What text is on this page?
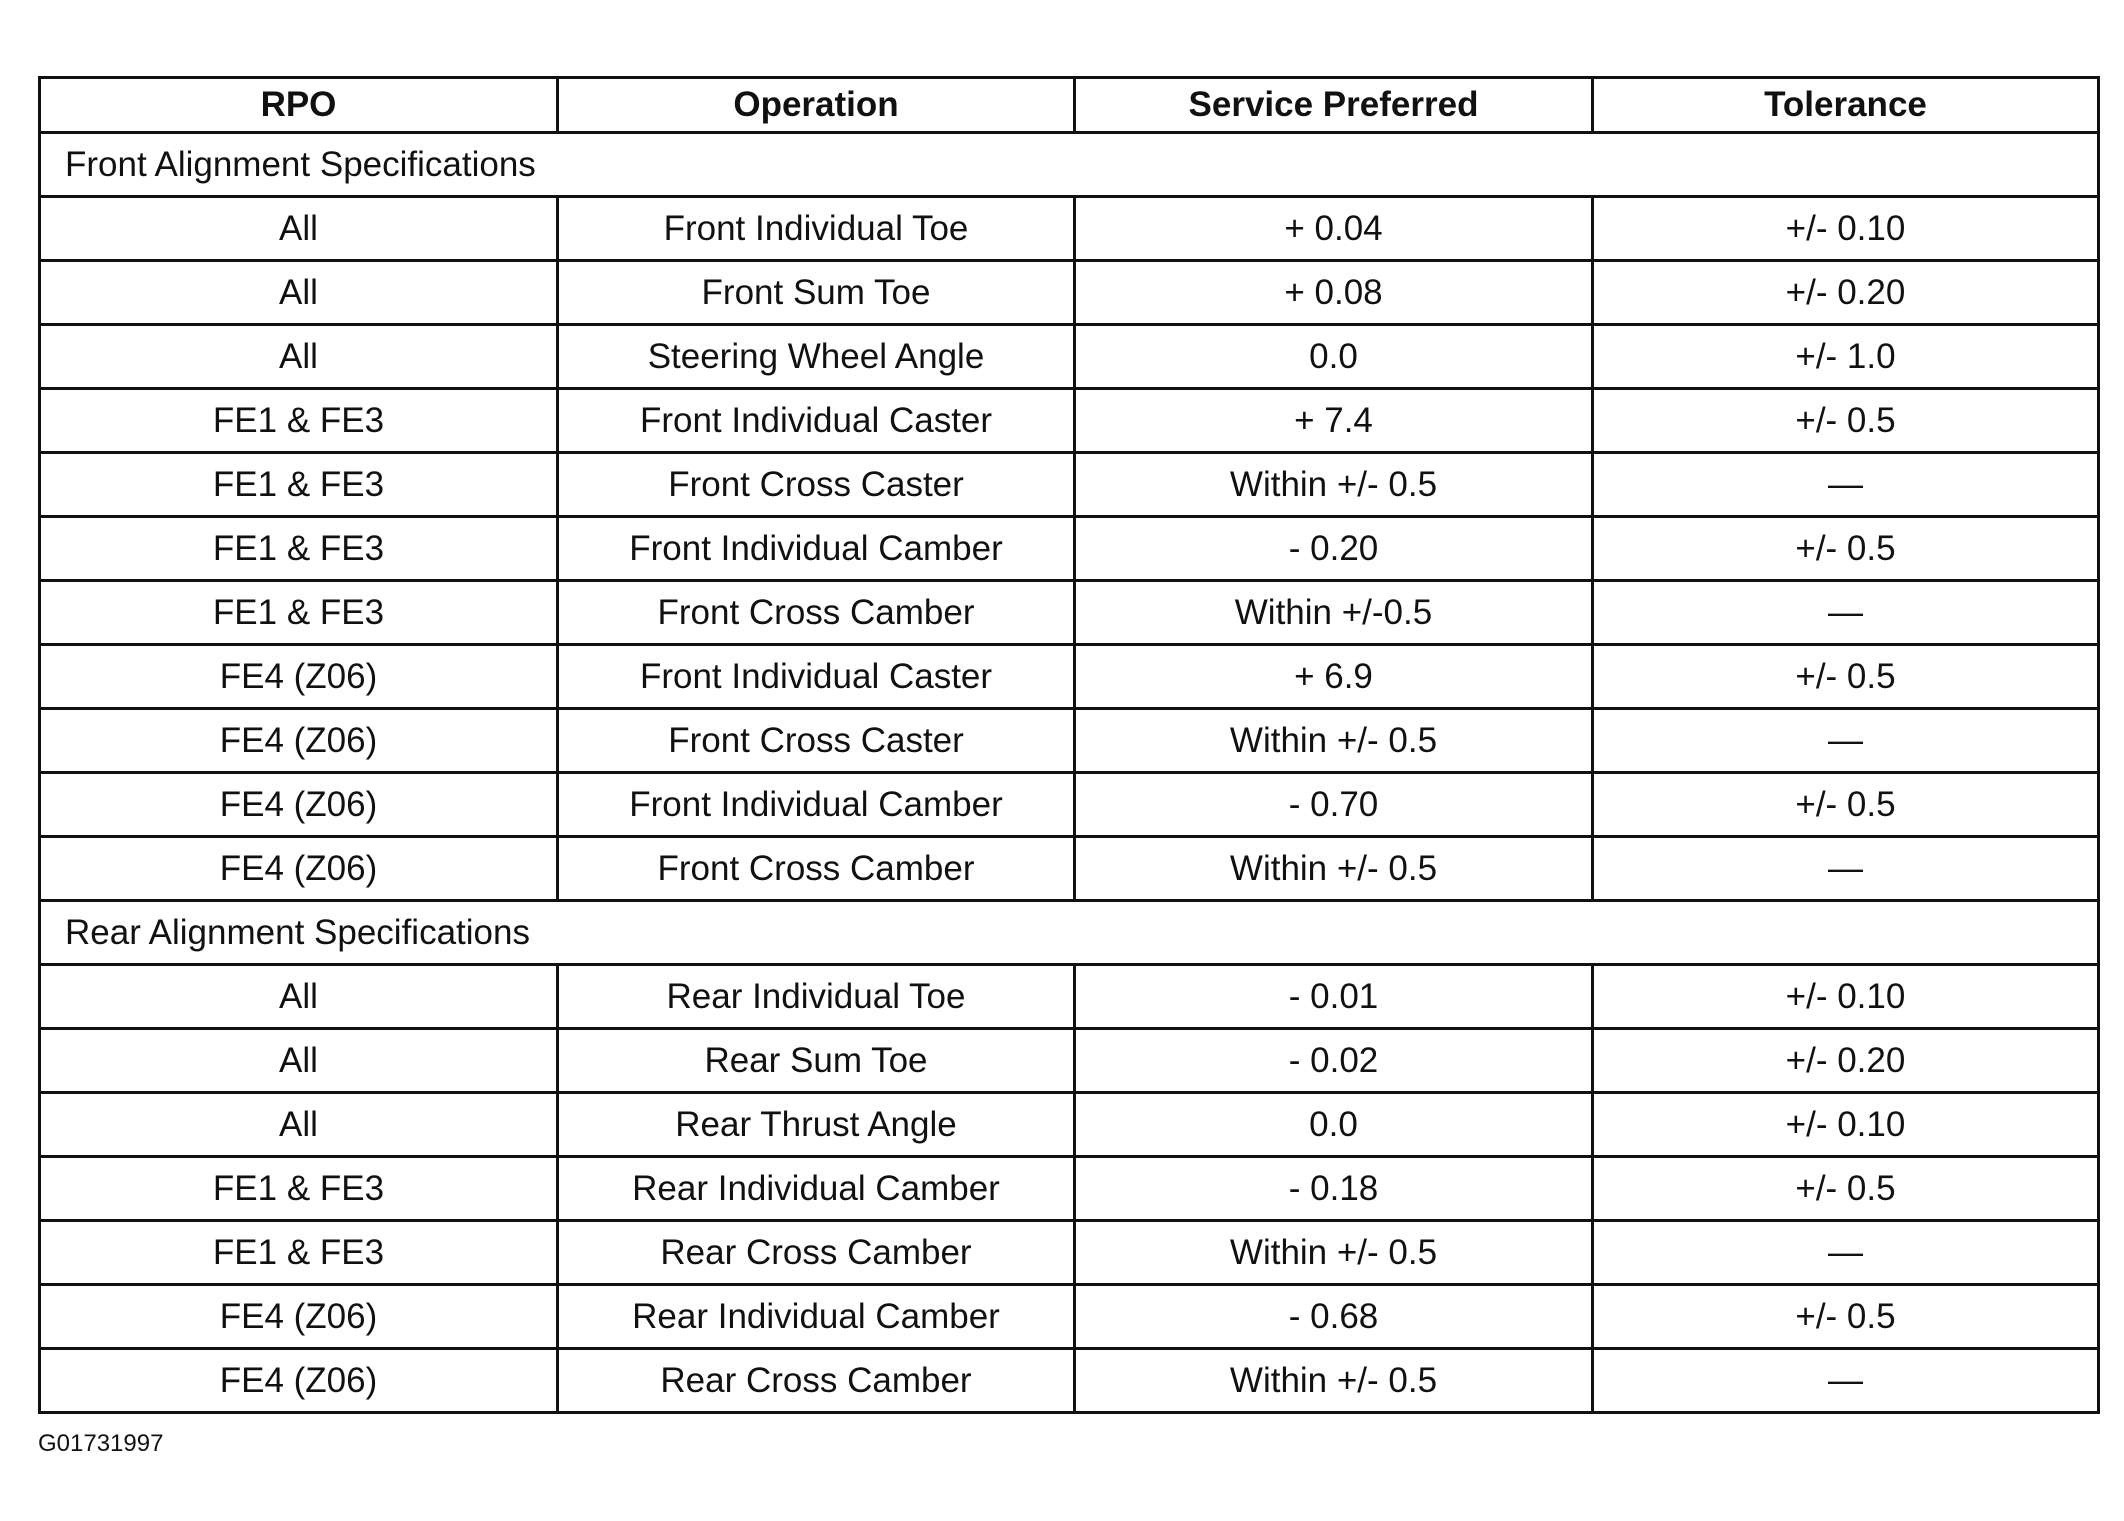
RPO	Operation	Service Preferred	Tolerance
Front Alignment Specifications			
All	Front Individual Toe	+ 0.04	+/- 0.10
All	Front Sum Toe	+ 0.08	+/- 0.20
All	Steering Wheel Angle	0.0	+/- 1.0
FE1 & FE3	Front Individual Caster	+ 7.4	+/- 0.5
FE1 & FE3	Front Cross Caster	Within +/- 0.5	—
FE1 & FE3	Front Individual Camber	- 0.20	+/- 0.5
FE1 & FE3	Front Cross Camber	Within +/-0.5	—
FE4 (Z06)	Front Individual Caster	+ 6.9	+/- 0.5
FE4 (Z06)	Front Cross Caster	Within +/- 0.5	—
FE4 (Z06)	Front Individual Camber	- 0.70	+/- 0.5
FE4 (Z06)	Front Cross Camber	Within +/- 0.5	—
Rear Alignment Specifications			
All	Rear Individual Toe	- 0.01	+/- 0.10
All	Rear Sum Toe	- 0.02	+/- 0.20
All	Rear Thrust Angle	0.0	+/- 0.10
FE1 & FE3	Rear Individual Camber	- 0.18	+/- 0.5
FE1 & FE3	Rear Cross Camber	Within +/- 0.5	—
FE4 (Z06)	Rear Individual Camber	- 0.68	+/- 0.5
FE4 (Z06)	Rear Cross Camber	Within +/- 0.5	—
G01731997
